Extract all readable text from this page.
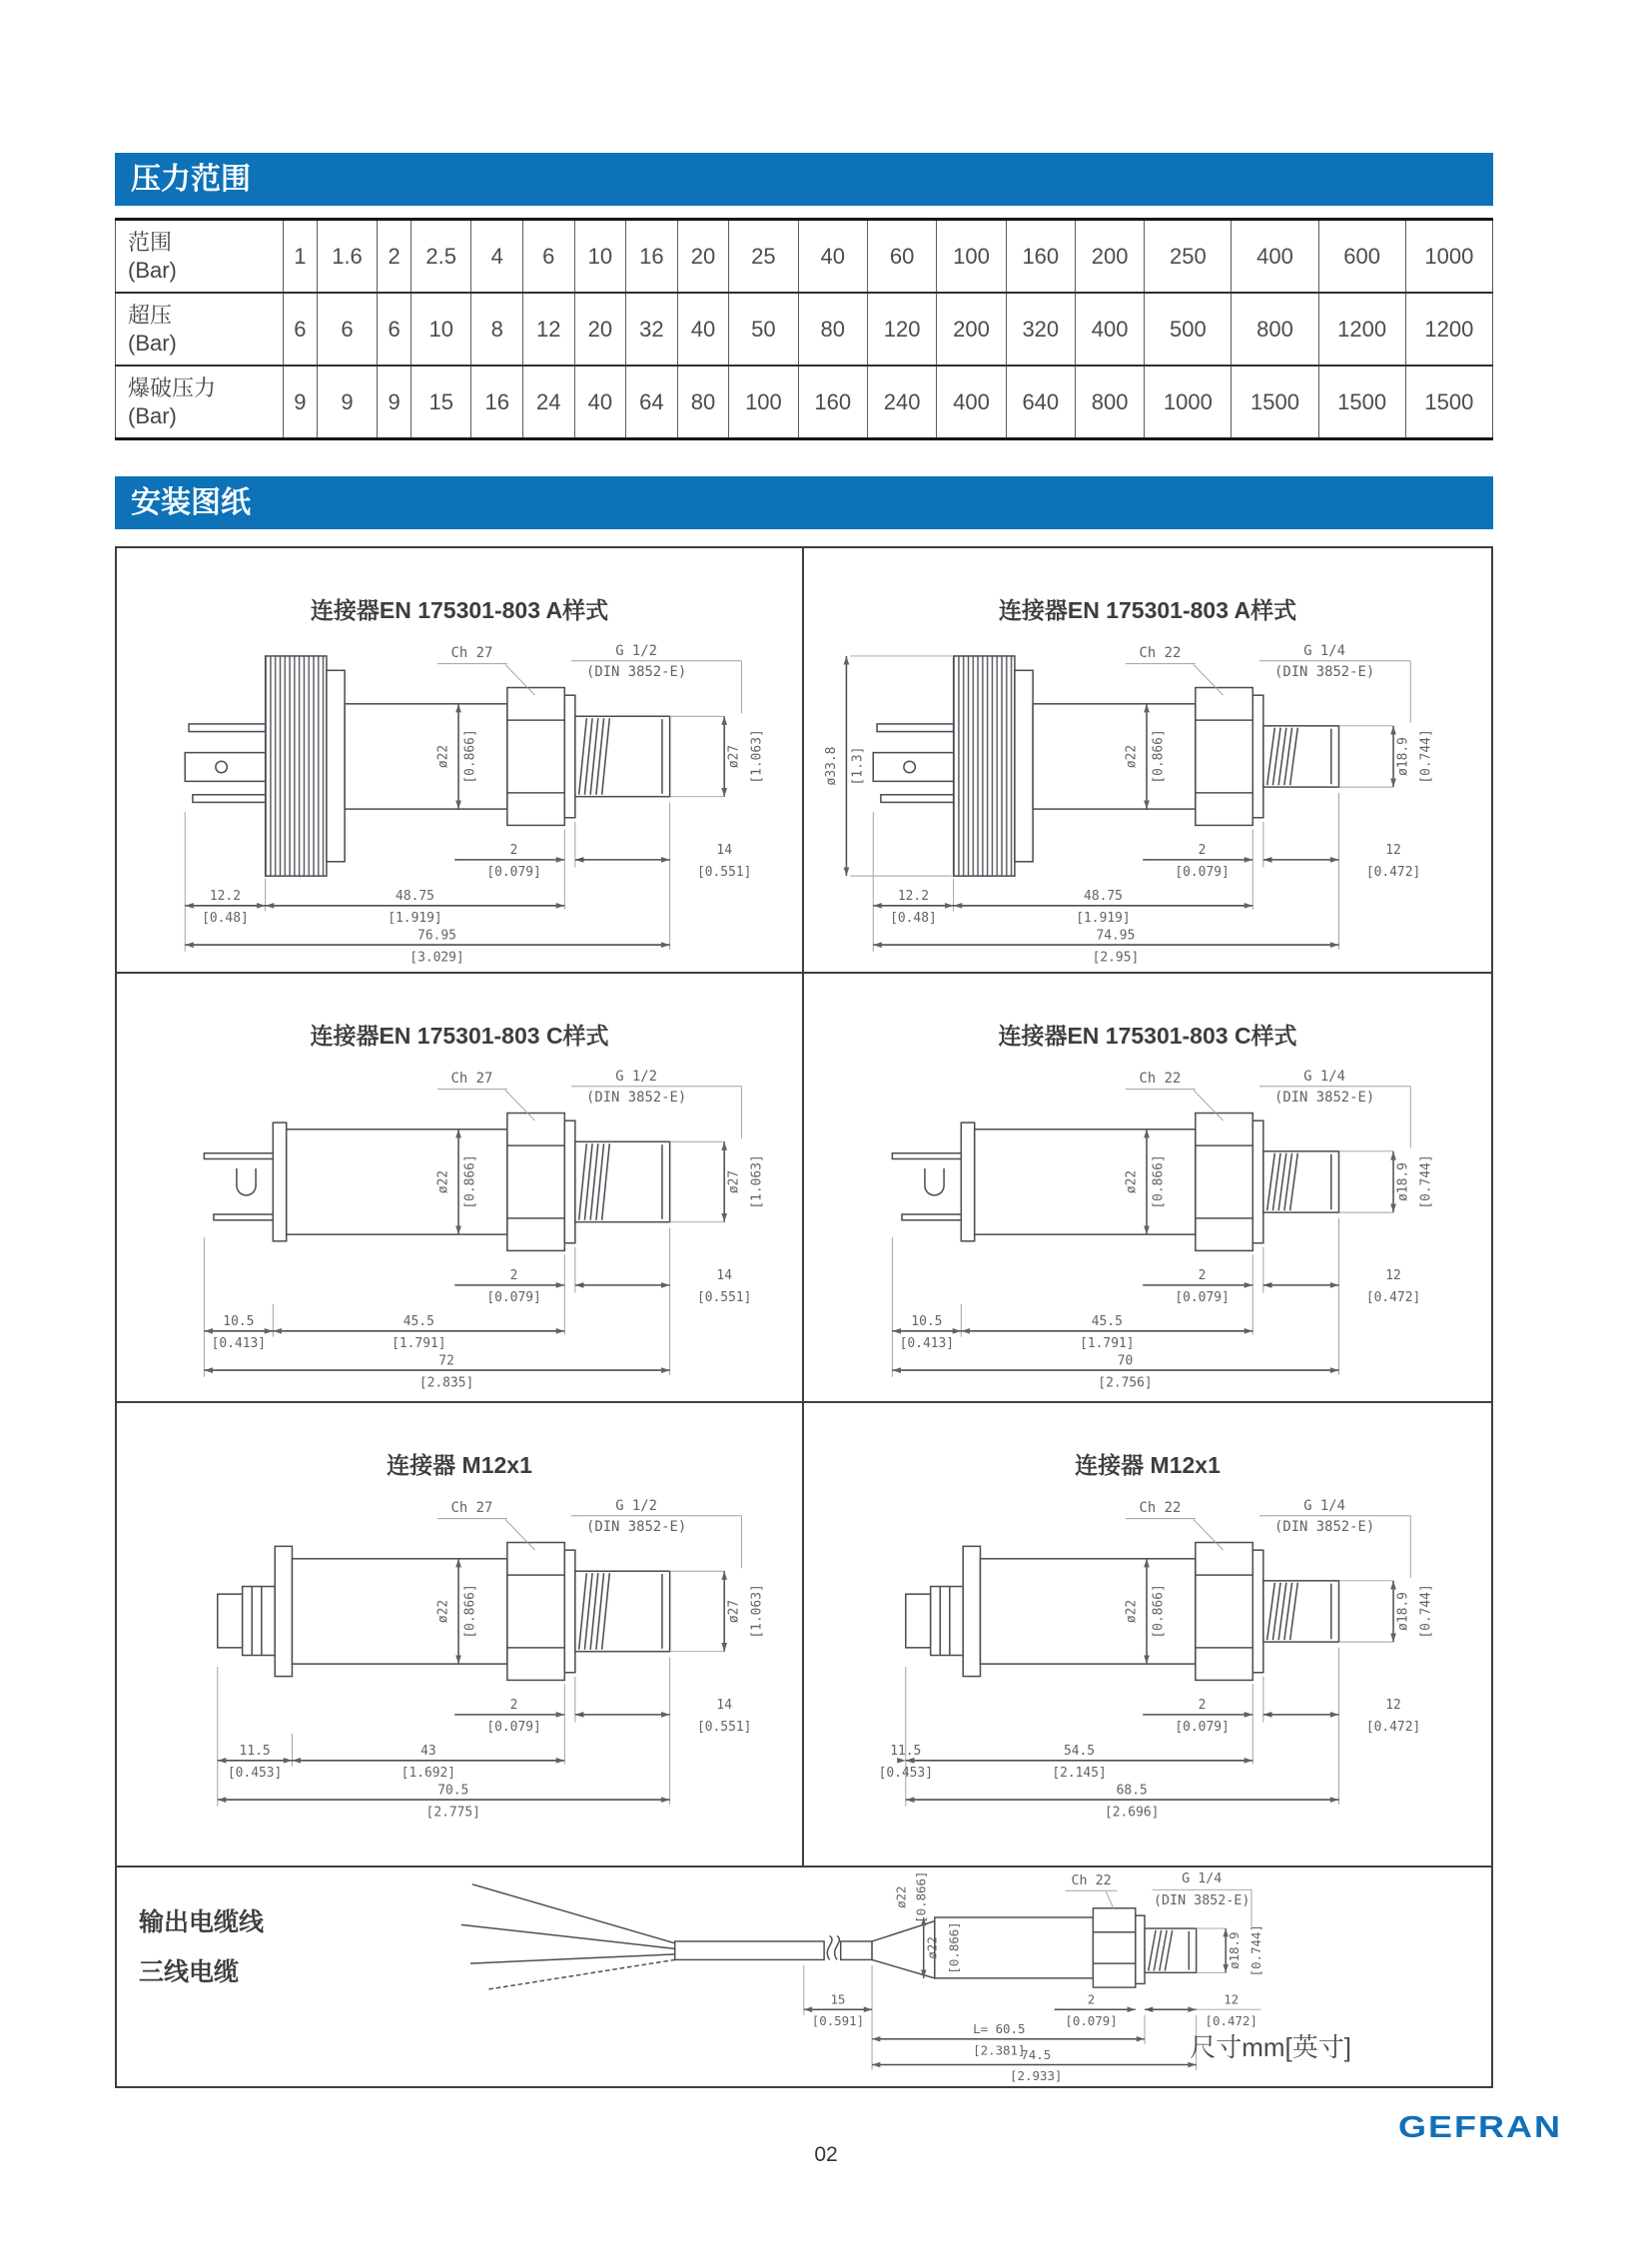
压力范围
范围
(Bar)	1	1.6	2	2.5	4	6	10	16	20	25	40	60	100	160	200	250	400	600	1000
超压
(Bar)	6	6	6	10	8	12	20	32	40	50	80	120	200	320	400	500	800	1200	1200
爆破压力
(Bar)	9	9	9	15	16	24	40	64	80	100	160	240	400	640	800	1000	1500	1500	1500
安装图纸
连接器EN 175301-803 A样式
Ch 27	G 1/2
(DIN 3852-E)
ø22 [0.866]	ø27 [1.063]
2
[0.079]
14
[0.551]
12.2
[0.48]
48.75
[1.919]
76.95
[3.029]
连接器EN 175301-803 A样式
Ch 22	G 1/4
(DIN 3852-E)
ø22 [0.866]	ø18.9 [0.744]
ø33.8 [1.3]
2
[0.079]
12
[0.472]
12.2
[0.48]
48.75
[1.919]
74.95
[2.95]
连接器EN 175301-803 C样式
Ch 27	G 1/2
(DIN 3852-E)
ø22 [0.866]	ø27 [1.063]
2
[0.079]
14
[0.551]
10.5
[0.413]
45.5
[1.791]
72
[2.835]
连接器EN 175301-803 C样式
Ch 22	G 1/4
(DIN 3852-E)
ø22 [0.866]	ø18.9 [0.744]
2
[0.079]
12
[0.472]
10.5
[0.413]
45.5
[1.791]
70
[2.756]
连接器 M12x1
Ch 27	G 1/2
(DIN 3852-E)
ø22 [0.866]	ø27 [1.063]
2
[0.079]
14
[0.551]
11.5
[0.453]
43
[1.692]
70.5
[2.775]
连接器 M12x1
Ch 22	G 1/4
(DIN 3852-E)
ø22 [0.866]	ø18.9 [0.744]
2
[0.079]
12
[0.472]
11.5
[0.453]
54.5
[2.145]
68.5
[2.696]
输出电缆线
三线电缆
Ch 22	G 1/4
(DIN 3852-E)
ø22 [0.866]
ø22 [0.866]
ø18.9 [0.744]
15
[0.591]
2
[0.079]
12
[0.472]
L= 60.5
[2.381]
74.5
[2.933]
尺寸mm[英寸]
02
GEFRAN
